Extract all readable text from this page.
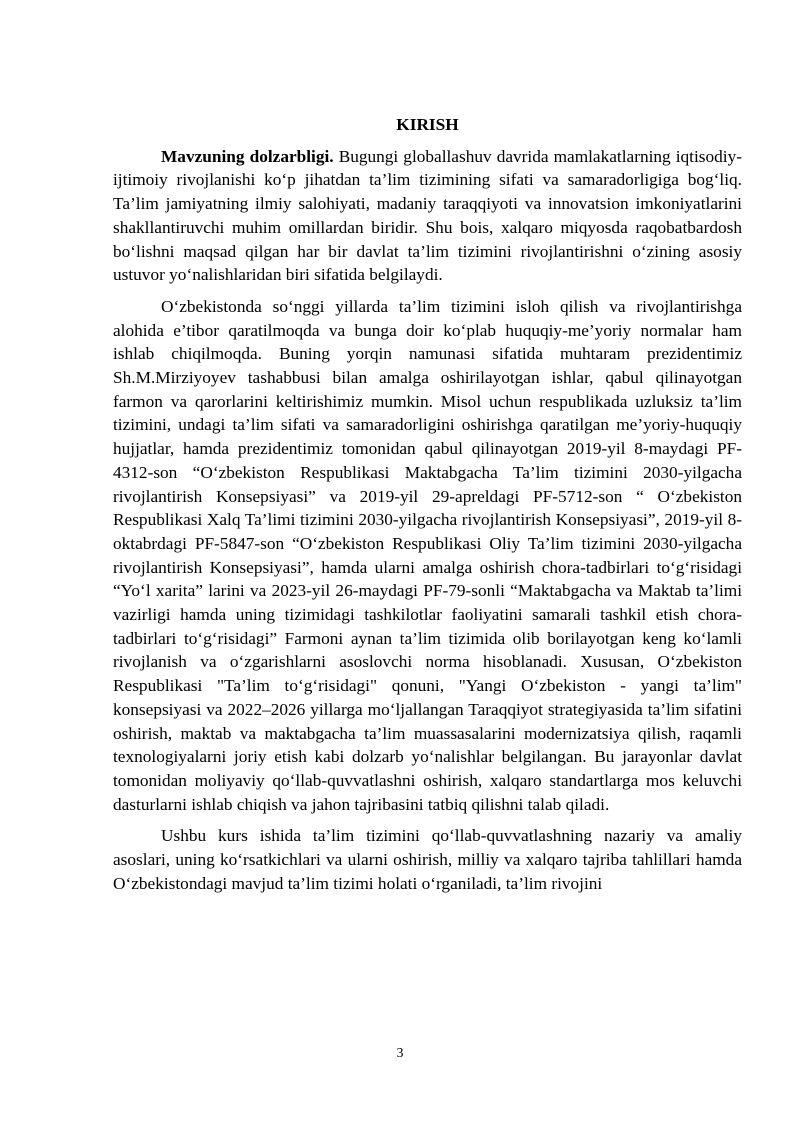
KIRISH

Mavzuning dolzarbligi. Bugungi globallashuv davrida mamlakatlarning iqtisodiy-ijtimoiy rivojlanishi ko‘p jihatdan ta’lim tizimining sifati va samaradorligiga bog‘liq. Ta’lim jamiyatning ilmiy salohiyati, madaniy taraqqiyoti va innovatsion imkoniyatlarini shakllantiruvchi muhim omillardan biridir. Shu bois, xalqaro miqyosda raqobatbardosh bo‘lishni maqsad qilgan har bir davlat ta’lim tizimini rivojlantirishni o‘zining asosiy ustuvor yo‘nalishlaridan biri sifatida belgilaydi.

O‘zbekistonda so‘nggi yillarda ta’lim tizimini isloh qilish va rivojlantirishga alohida e’tibor qaratilmoqda va bunga doir ko‘plab huquqiy-me’yoriy normalar ham ishlab chiqilmoqda. Buning yorqin namunasi sifatida muhtaram prezidentimiz Sh.M.Mirziyoyev tashabbusi bilan amalga oshirilayotgan ishlar, qabul qilinayotgan farmon va qarorlarini keltirishimiz mumkin. Misol uchun respublikada uzluksiz ta’lim tizimini, undagi ta’lim sifati va samaradorligini oshirishga qaratilgan me’yoriy-huquqiy hujjatlar, hamda prezidentimiz tomonidan qabul qilinayotgan 2019-yil 8-maydagi PF-4312-son “O‘zbekiston Respublikasi Maktabgacha Ta’lim tizimini 2030-yilgacha rivojlantirish Konsepsiyasi” va 2019-yil 29-apreldagi PF-5712-son “ O‘zbekiston Respublikasi Xalq Ta’limi tizimini 2030-yilgacha rivojlantirish Konsepsiyasi”, 2019-yil 8-oktabrdagi PF-5847-son “O‘zbekiston Respublikasi Oliy Ta’lim tizimini 2030-yilgacha rivojlantirish Konsepsiyasi”, hamda ularni amalga oshirish chora-tadbirlari to‘g‘risidagi “Yo‘l xarita” larini va 2023-yil 26-maydagi PF-79-sonli “Maktabgacha va Maktab ta’limi vazirligi hamda uning tizimidagi tashkilotlar faoliyatini samarali tashkil etish chora-tadbirlari to‘g‘risidagi” Farmoni aynan ta’lim tizimida olib borilayotgan keng ko‘lamli rivojlanish va o‘zgarishlarni asoslovchi norma hisoblanadi. Xususan, O‘zbekiston Respublikasi "Ta’lim to‘g‘risidagi" qonuni, "Yangi O‘zbekiston - yangi ta’lim" konsepsiyasi va 2022–2026 yillarga mo‘ljallangan Taraqqiyot strategiyasida ta’lim sifatini oshirish, maktab va maktabgacha ta’lim muassasalarini modernizatsiya qilish, raqamli texnologiyalarni joriy etish kabi dolzarb yo‘nalishlar belgilangan. Bu jarayonlar davlat tomonidan moliyaviy qo‘llab-quvvatlashni oshirish, xalqaro standartlarga mos keluvchi dasturlarni ishlab chiqish va jahon tajribasini tatbiq qilishni talab qiladi.

Ushbu kurs ishida ta’lim tizimini qo‘llab-quvvatlashning nazariy va amaliy asoslari, uning ko‘rsatkichlari va ularni oshirish, milliy va xalqaro tajriba tahlillari hamda O‘zbekistondagi mavjud ta’lim tizimi holati o‘rganiladi, ta’lim rivojini

3
